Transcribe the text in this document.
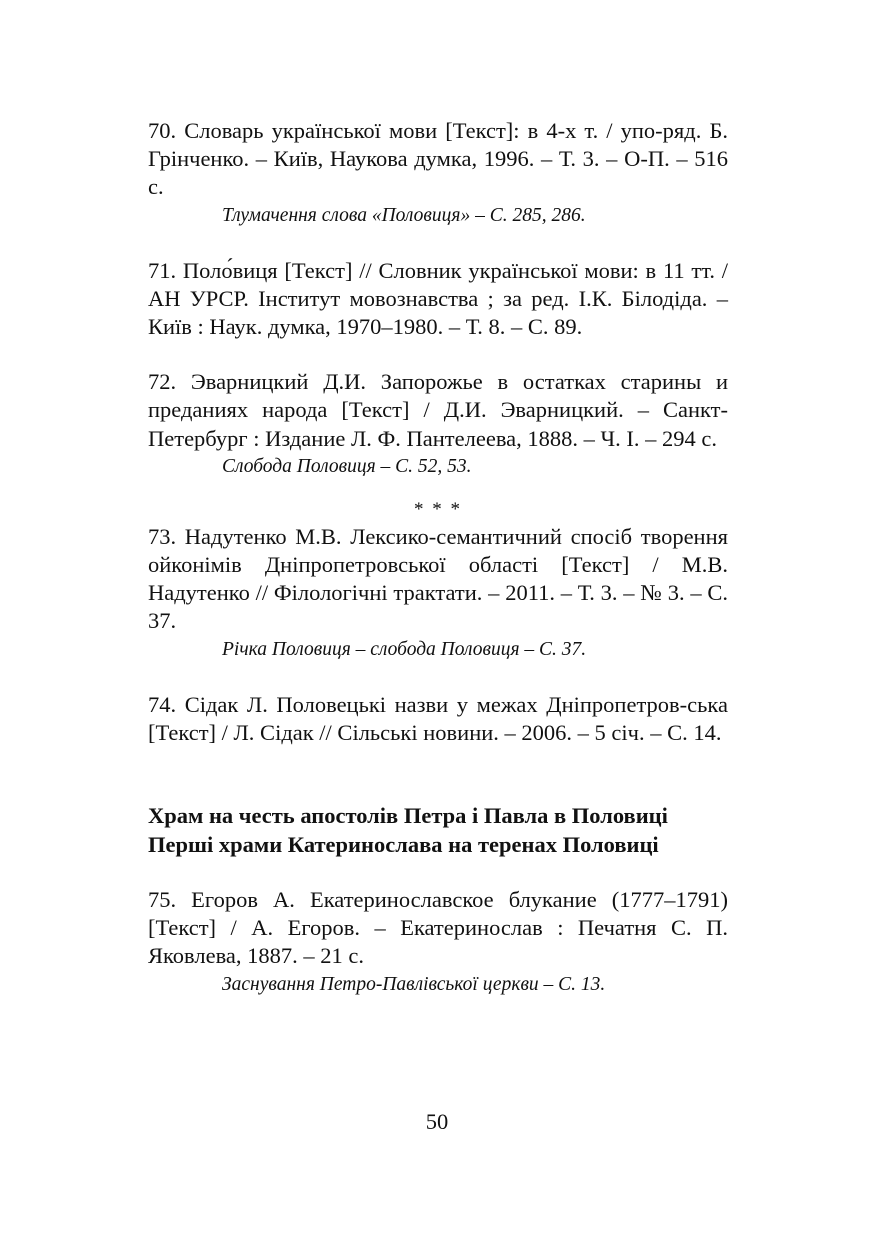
70. Словарь української мови [Текст]: в 4-х т. / упо-ряд. Б. Грінченко. – Київ, Наукова думка, 1996. – Т. 3. – О-П. – 516 с.

Тлумачення слова «Половиця» – С. 285, 286.

71. Поло́виця [Текст] // Словник української мови: в 11 тт. / АН УРСР. Інститут мовознавства ; за ред. І.К. Білодіда. – Київ : Наук. думка, 1970–1980. – Т. 8. – С. 89.

72. Эварницкий Д.И. Запорожье в остатках старины и преданиях народа [Текст] / Д.И. Эварницкий. – Санкт-Петербург : Издание Л. Ф. Пантелеева, 1888. – Ч. I. – 294 с.

Слобода Половиця – С. 52, 53.

* * *

73. Надутенко М.В. Лексико-семантичний спосіб творення ойконімів Дніпропетровської області [Текст] / М.В. Надутенко // Філологічні трактати. – 2011. – Т. 3. – № 3. – С. 37.

Річка Половиця – слобода Половиця – С. 37.

74. Сідак Л. Половецькі назви у межах Дніпропетров-ська [Текст] / Л. Сідак // Сільські новини. – 2006. – 5 січ. – С. 14.

Храм на честь апостолів Петра і Павла в Половиці
Перші храми Катеринослава на теренах Половиці

75. Егоров А. Екатеринославское блукание (1777–1791) [Текст] / А. Егоров. – Екатеринослав : Печатня С. П. Яковлева, 1887. – 21 с.

Заснування Петро-Павлівської церкви – С. 13.

50
